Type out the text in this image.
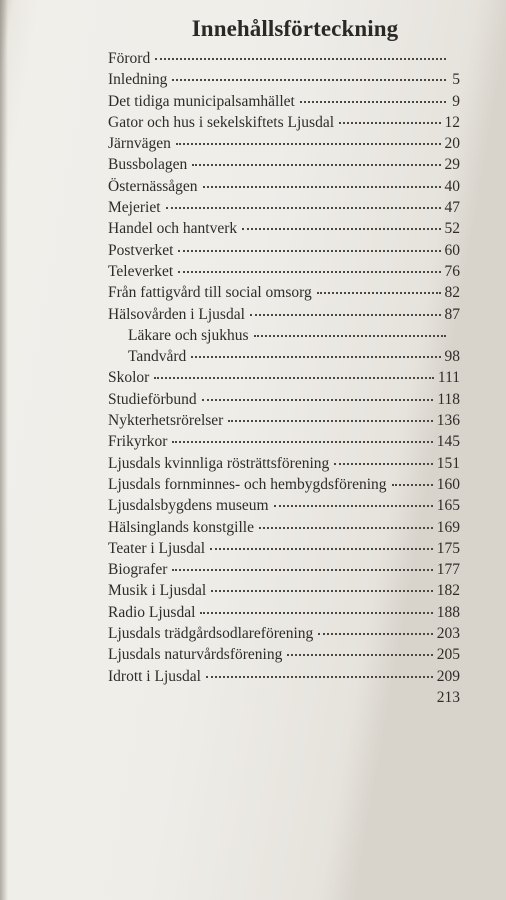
Innehållsförteckning
Förord
Inledning	5
Det tidiga municipalsamhället	9
Gator och hus i sekelskiftets Ljusdal	12
Järnvägen	20
Bussbolagen	29
Östernässågen	40
Mejeriet	47
Handel och hantverk	52
Postverket	60
Televerket	76
Från fattigvård till social omsorg	82
Hälsovården i Ljusdal	87
Läkare och sjukhus
Tandvård	98
Skolor	111
Studieförbund	118
Nykterhetsrörelser	136
Frikyrkor	145
Ljusdals kvinnliga rösträttsförening	151
Ljusdals fornminnes- och hembygdsförening	160
Ljusdalsbygdens museum	165
Hälsinglands konstgille	169
Teater i Ljusdal	175
Biografer	177
Musik i Ljusdal	182
Radio Ljusdal	188
Ljusdals trädgårdsodlareförening	203
Ljusdals naturvårdsförening	205
Idrott i Ljusdal	209
213
